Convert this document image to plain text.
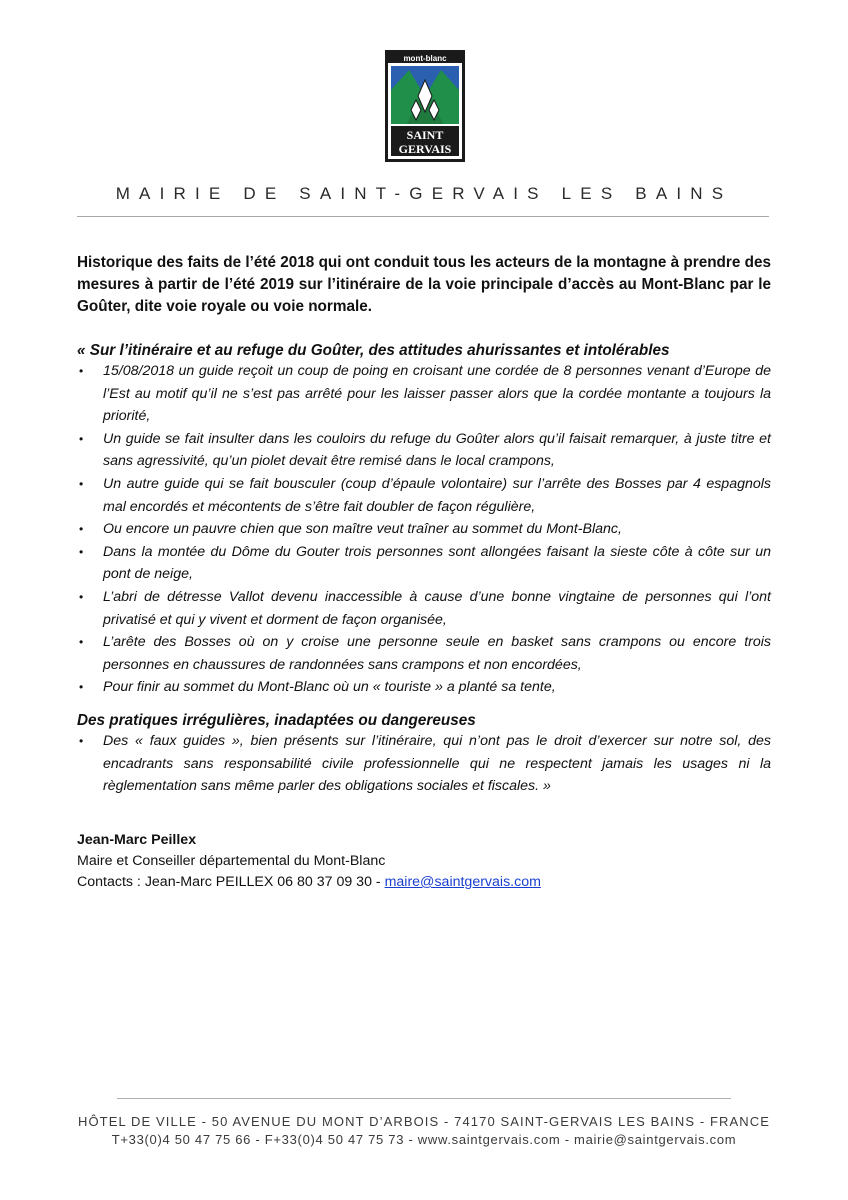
mont-blanc
SAINT
GERVAIS
MAIRIE DE SAINT-GERVAIS LES BAINS
Historique des faits de l’été 2018 qui ont conduit tous les acteurs de la montagne à prendre des mesures à partir de l’été 2019 sur l’itinéraire de la voie principale d’accès au Mont-Blanc par le Goûter, dite voie royale ou voie normale.
« Sur l’itinéraire et au refuge du Goûter, des attitudes ahurissantes et intolérables
• 15/08/2018 un guide reçoit un coup de poing en croisant une cordée de 8 personnes venant d’Europe de l’Est au motif qu’il ne s’est pas arrêté pour les laisser passer alors que la cordée montante a toujours la priorité,
• Un guide se fait insulter dans les couloirs du refuge du Goûter alors qu’il faisait remarquer, à juste titre et sans agressivité, qu’un piolet devait être remisé dans le local crampons,
• Un autre guide qui se fait bousculer (coup d’épaule volontaire) sur l’arrête des Bosses par 4 espagnols mal encordés et mécontents de s’être fait doubler de façon régulière,
• Ou encore un pauvre chien que son maître veut traîner au sommet du Mont-Blanc,
• Dans la montée du Dôme du Gouter trois personnes sont allongées faisant la sieste côte à côte sur un pont de neige,
• L’abri de détresse Vallot devenu inaccessible à cause d’une bonne vingtaine de personnes qui l’ont privatisé et qui y vivent et dorment de façon organisée,
• L’arête des Bosses où on y croise une personne seule en basket sans crampons ou encore trois personnes en chaussures de randonnées sans crampons et non encordées,
• Pour finir au sommet du Mont-Blanc où un « touriste » a planté sa tente,
Des pratiques irrégulières, inadaptées ou dangereuses
• Des « faux guides », bien présents sur l’itinéraire, qui n’ont pas le droit d’exercer sur notre sol, des encadrants sans responsabilité civile professionnelle qui ne respectent jamais les usages ni la règlementation sans même parler des obligations sociales et fiscales. »
Jean-Marc Peillex
Maire et Conseiller départemental du Mont-Blanc
Contacts : Jean-Marc PEILLEX 06 80 37 09 30 - maire@saintgervais.com
HÔTEL DE VILLE - 50 AVENUE DU MONT D’ARBOIS - 74170 SAINT-GERVAIS LES BAINS - FRANCE
T+33(0)4 50 47 75 66 - F+33(0)4 50 47 75 73 - www.saintgervais.com - mairie@saintgervais.com
